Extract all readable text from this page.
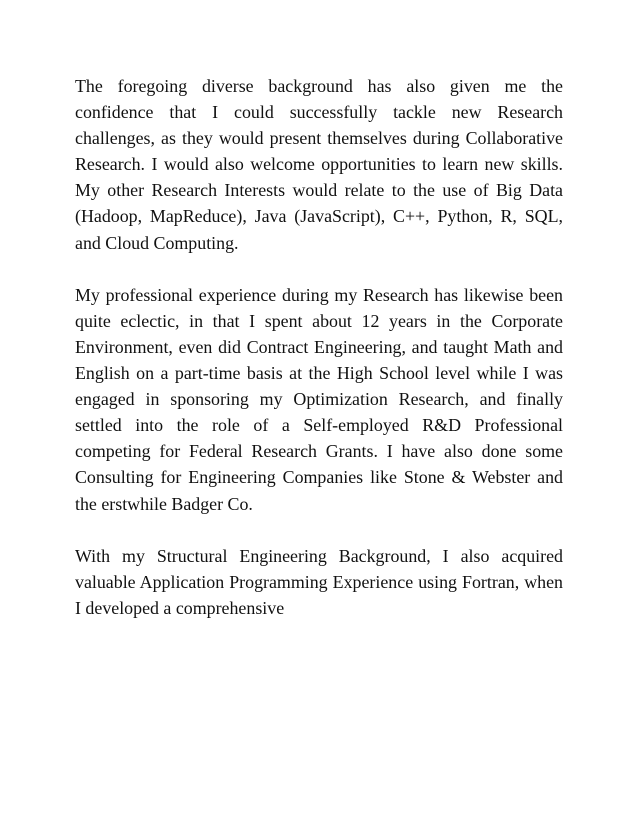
The foregoing diverse background has also given me the confidence that I could successfully tackle new Research challenges, as they would present themselves during Collaborative Research. I would also welcome opportunities to learn new skills. My other Research Interests would relate to the use of Big Data (Hadoop, MapReduce), Java (JavaScript), C++, Python, R, SQL, and Cloud Computing.

My professional experience during my Research has likewise been quite eclectic, in that I spent about 12 years in the Corporate Environment, even did Contract Engineering, and taught Math and English on a part-time basis at the High School level while I was engaged in sponsoring my Optimization Research, and finally settled into the role of a Self-employed R&D Professional competing for Federal Research Grants. I have also done some Consulting for Engineering Companies like Stone & Webster and the erstwhile Badger Co.

With my Structural Engineering Background, I also acquired valuable Application Programming Experience using Fortran, when I developed a comprehensive
